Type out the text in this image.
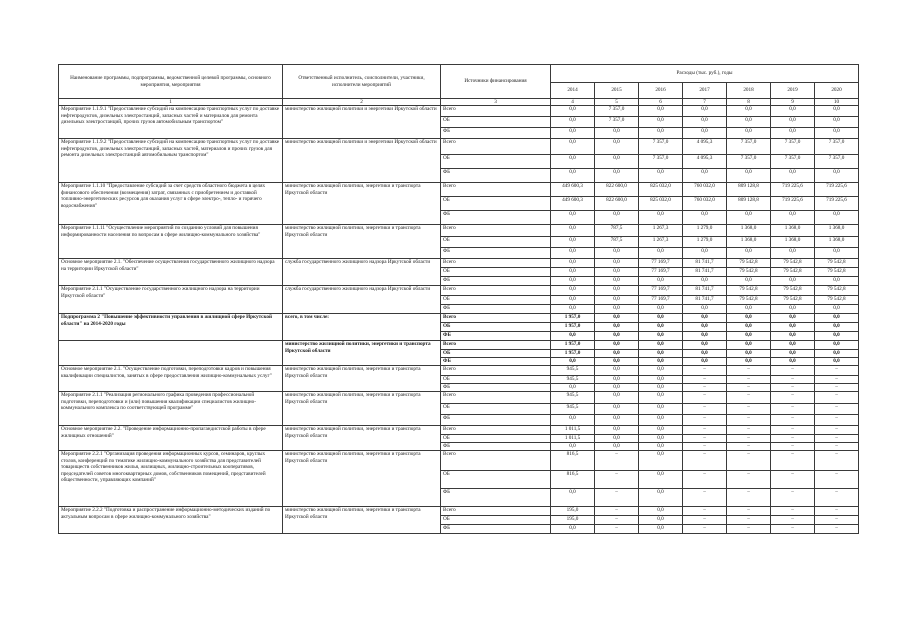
Наименование программы, подпрограммы, ведомственной целевой программы, основного мероприятия, мероприятия	Ответственный исполнитель, соисполнители, участники, исполнители мероприятий	Источники финансирования	Расходы (тыс. руб.), годы						
			2014	2015	2016	2017	2018	2019	2020
1	2	3	4	5	6	7	8	9	10
Мероприятие 1.1.9.1 "Предоставление субсидий на компенсацию транспортных услуг по доставке нефтепродуктов, дизельных электростанций, запасных частей и материалов для ремонта дизельных электростанций, прочих грузов автомобильным транспортом"	министерство жилищной политики и энергетики Иркутской области	Всего	0,0	7 357,0	0,0	0,0	0,0	0,0	0,0
		ОБ	0,0	7 357,0	0,0	0,0	0,0	0,0	0,0
		ФБ	0,0	0,0	0,0	0,0	0,0	0,0	0,0
Мероприятие 1.1.9.2 "Предоставление субсидий на компенсацию транспортных услуг по доставке нефтепродуктов, дизельных электростанций, запасных частей, материалов и прочих грузов для ремонта дизельных электростанций автомобильным транспортом"	министерство жилищной политики и энергетики Иркутской области	Всего	0,0	0,0	7 357,0	4 095,3	7 357,0	7 357,0	7 357,0
		ОБ	0,0	0,0	7 357,0	4 095,3	7 357,0	7 357,0	7 357,0
		ФБ	0,0	0,0	0,0	0,0	0,0	0,0	0,0
Мероприятие 1.1.10 "Предоставление субсидий за счет средств областного бюджета в целях финансового обеспечения (возмещения) затрат, связанных с приобретением и доставкой топливно-энергетических ресурсов для оказания услуг в сфере электро-, тепло- и горячего водоснабжения"	министерство жилищной политики, энергетики и транспорта Иркутской области	Всего	449 600,3	822 600,0	825 032,0	760 032,0	809 128,8	719 225,6	719 225,6
		ОБ	449 600,3	822 600,0	825 032,0	760 032,0	809 128,8	719 225,6	719 225,6
		ФБ	0,0	0,0	0,0	0,0	0,0	0,0	0,0
Мероприятие 1.1.11 "Осуществление мероприятий по созданию условий для повышения информированности населения по вопросам в сфере жилищно-коммунального хозяйства"	министерство жилищной политики, энергетики и транспорта Иркутской области	Всего	0,0	787,5	1 267,3	1 279,0	1 368,0	1 368,0	1 368,0
		ОБ	0,0	787,5	1 267,3	1 279,0	1 368,0	1 368,0	1 368,0
		ФБ	0,0	0,0	0,0	0,0	0,0	0,0	0,0
Основное мероприятие 2.1. "Обеспечение осуществления государственного жилищного надзора на территории Иркутской области"	служба государственного жилищного надзора Иркутской области	Всего	0,0	0,0	77 169,7	81 741,7	79 542,8	79 542,8	79 542,8
		ОБ	0,0	0,0	77 169,7	81 741,7	79 542,8	79 542,8	79 542,8
		ФБ	0,0	0,0	0,0	0,0	0,0	0,0	0,0
Мероприятие 2.1.1 "Осуществление государственного жилищного надзора на территории Иркутской области"	служба государственного жилищного надзора Иркутской области	Всего	0,0	0,0	77 169,7	81 741,7	79 542,8	79 542,8	79 542,8
		ОБ	0,0	0,0	77 169,7	81 741,7	79 542,8	79 542,8	79 542,8
		ФБ	0,0	0,0	0,0	0,0	0,0	0,0	0,0
Подпрограмма 2 "Повышение эффективности управления в жилищной сфере Иркутской области" на 2014-2020 годы	всего, в том числе:	Всего	1 957,0	0,0	0,0	0,0	0,0	0,0	0,0
		ОБ	1 957,0	0,0	0,0	0,0	0,0	0,0	0,0
		ФБ	0,0	0,0	0,0	0,0	0,0	0,0	0,0
	министерство жилищной политики, энергетики и транспорта Иркутской области	Всего	1 957,0	0,0	0,0	0,0	0,0	0,0	0,0
		ОБ	1 957,0	0,0	0,0	0,0	0,0	0,0	0,0
		ФБ	0,0	0,0	0,0	0,0	0,0	0,0	0,0
Основное мероприятие 2.1. "Осуществление подготовки, переподготовки кадров и повышения квалификации специалистов, занятых в сфере предоставления жилищно-коммунальных услуг"	министерство жилищной политики, энергетики и транспорта Иркутской области	Всего	945,5	0,0	0,0	–	–	–	–
		ОБ	945,5	0,0	0,0	–	–	–	–
		ФБ	0,0	0,0	0,0	–	–	–	–
Мероприятие 2.1.1 "Реализация регионального графика проведения профессиональной подготовки, переподготовки и (или) повышения квалификации специалистов жилищно-коммунального комплекса по соответствующей программе"	министерство жилищной политики, энергетики и транспорта Иркутской области	Всего	945,5	0,0	0,0	–	–	–	–
		ОБ	945,5	0,0	0,0	–	–	–	–
		ФБ	0,0	0,0	0,0	–	–	–	–
Основное мероприятие 2.2. "Проведение информационно-пропагандистской работы в сфере жилищных отношений"	министерство жилищной политики, энергетики и транспорта Иркутской области	Всего	1 011,5	0,0	0,0	–	–	–	–
		ОБ	1 011,5	0,0	0,0	–	–	–	–
		ФБ	0,0	0,0	0,0	–	–	–	–
Мероприятие 2.2.1 "Организация проведения информационных курсов, семинаров, круглых столов, конференций по тематике жилищно-коммунального хозяйства для представителей товариществ собственников жилья, жилищных, жилищно-строительных кооперативов, председателей советов многоквартирных домов, собственников помещений, представителей общественности, управляющих компаний"	министерство жилищной политики, энергетики и транспорта Иркутской области	Всего	816,5	–	0,0	–	–	–	–
		ОБ	816,5	–	0,0	–	–	–	–
		ФБ	0,0	–	0,0	–	–	–	–
Мероприятие 2.2.2 "Подготовка и распространение информационно-методических изданий по актуальным вопросам в сфере жилищно-коммунального хозяйства"	министерство жилищной политики, энергетики и транспорта Иркутской области	Всего	195,0	–	0,0	–	–	–	–
		ОБ	195,0	–	0,0	–	–	–	–
		ФБ	0,0	–	0,0	–	–	–	–
